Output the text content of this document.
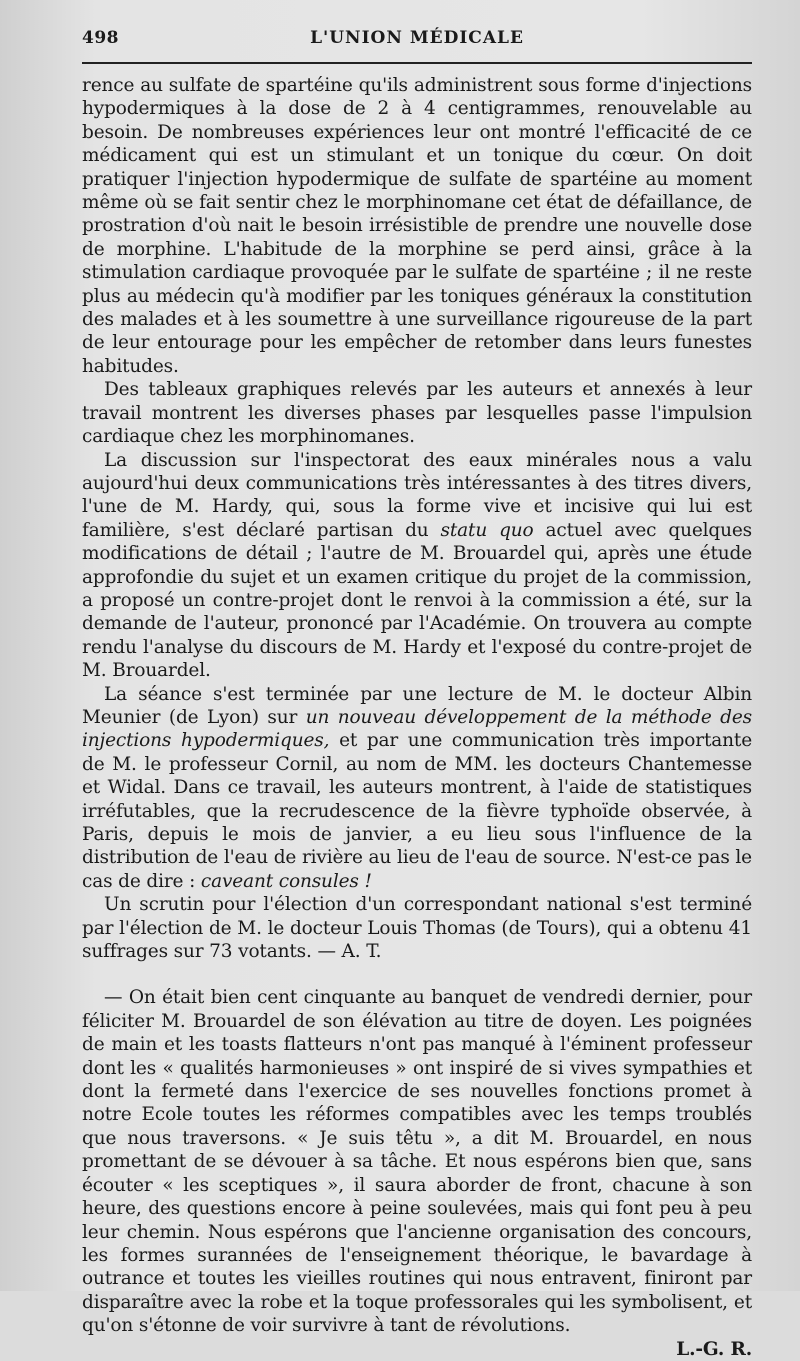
498	L'UNION MÉDICALE

rence au sulfate de spartéine qu'ils administrent sous forme d'injections hypodermiques à la dose de 2 à 4 centigrammes, renouvelable au besoin. De nombreuses expériences leur ont montré l'efficacité de ce médicament qui est un stimulant et un tonique du cœur. On doit pratiquer l'injection hypodermique de sulfate de spartéine au moment même où se fait sentir chez le morphinomane cet état de défaillance, de prostration d'où nait le besoin irrésistible de prendre une nouvelle dose de morphine. L'habitude de la morphine se perd ainsi, grâce à la stimulation cardiaque provoquée par le sulfate de spartéine ; il ne reste plus au médecin qu'à modifier par les toniques généraux la constitution des malades et à les soumettre à une surveillance rigoureuse de la part de leur entourage pour les empêcher de retomber dans leurs funestes habitudes.

Des tableaux graphiques relevés par les auteurs et annexés à leur travail montrent les diverses phases par lesquelles passe l'impulsion cardiaque chez les morphinomanes.

La discussion sur l'inspectorat des eaux minérales nous a valu aujourd'hui deux communications très intéressantes à des titres divers, l'une de M. Hardy, qui, sous la forme vive et incisive qui lui est familière, s'est déclaré partisan du statu quo actuel avec quelques modifications de détail ; l'autre de M. Brouardel qui, après une étude approfondie du sujet et un examen critique du projet de la commission, a proposé un contre-projet dont le renvoi à la commission a été, sur la demande de l'auteur, prononcé par l'Académie. On trouvera au compte rendu l'analyse du discours de M. Hardy et l'exposé du contre-projet de M. Brouardel.

La séance s'est terminée par une lecture de M. le docteur Albin Meunier (de Lyon) sur un nouveau développement de la méthode des injections hypodermiques, et par une communication très importante de M. le professeur Cornil, au nom de MM. les docteurs Chantemesse et Widal. Dans ce travail, les auteurs montrent, à l'aide de statistiques irréfutables, que la recrudescence de la fièvre typhoïde observée, à Paris, depuis le mois de janvier, a eu lieu sous l'influence de la distribution de l'eau de rivière au lieu de l'eau de source. N'est-ce pas le cas de dire : caveant consules !

Un scrutin pour l'élection d'un correspondant national s'est terminé par l'élection de M. le docteur Louis Thomas (de Tours), qui a obtenu 41 suffrages sur 73 votants. — A. T.

— On était bien cent cinquante au banquet de vendredi dernier, pour féliciter M. Brouardel de son élévation au titre de doyen. Les poignées de main et les toasts flatteurs n'ont pas manqué à l'éminent professeur dont les « qualités harmonieuses » ont inspiré de si vives sympathies et dont la fermeté dans l'exercice de ses nouvelles fonctions promet à notre Ecole toutes les réformes compatibles avec les temps troublés que nous traversons. « Je suis têtu », a dit M. Brouardel, en nous promettant de se dévouer à sa tâche. Et nous espérons bien que, sans écouter « les sceptiques », il saura aborder de front, chacune à son heure, des questions encore à peine soulevées, mais qui font peu à peu leur chemin. Nous espérons que l'ancienne organisation des concours, les formes surannées de l'enseignement théorique, le bavardage à outrance et toutes les vieilles routines qui nous entravent, finiront par disparaître avec la robe et la toque professorales qui les symbolisent, et qu'on s'étonne de voir survivre à tant de révolutions.

L.-G. R.
